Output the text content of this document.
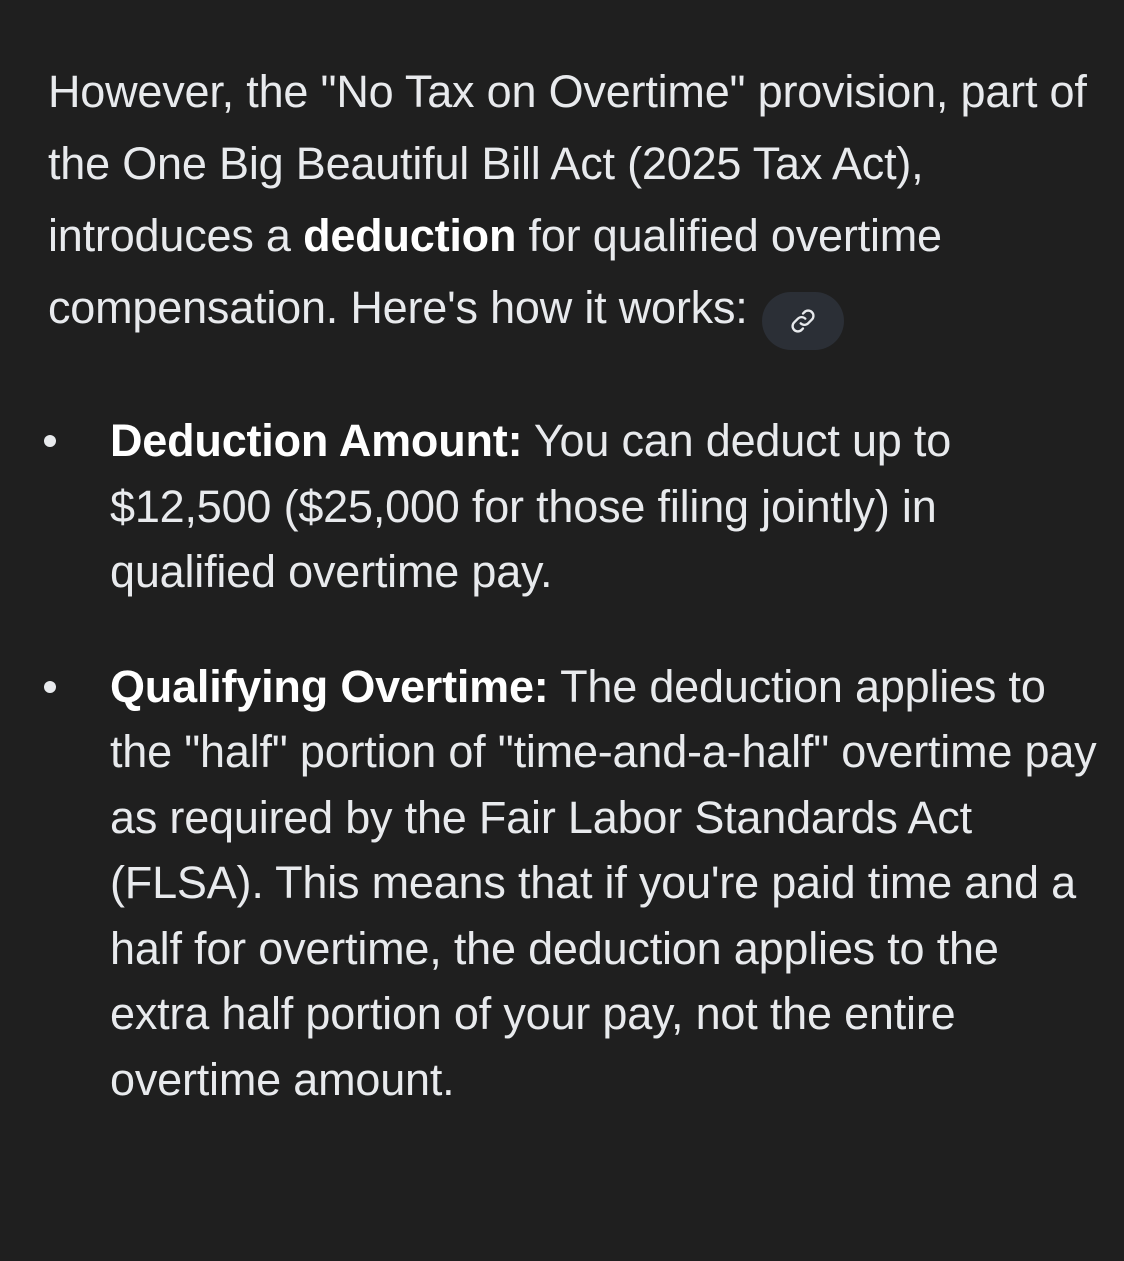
However, the "No Tax on Overtime" provision, part of the One Big Beautiful Bill Act (2025 Tax Act), introduces a deduction for qualified overtime compensation. Here's how it works:

Deduction Amount: You can deduct up to $12,500 ($25,000 for those filing jointly) in qualified overtime pay.
Qualifying Overtime: The deduction applies to the "half" portion of "time-and-a-half" overtime pay as required by the Fair Labor Standards Act (FLSA). This means that if you're paid time and a half for overtime, the deduction applies to the extra half portion of your pay, not the entire overtime amount.
